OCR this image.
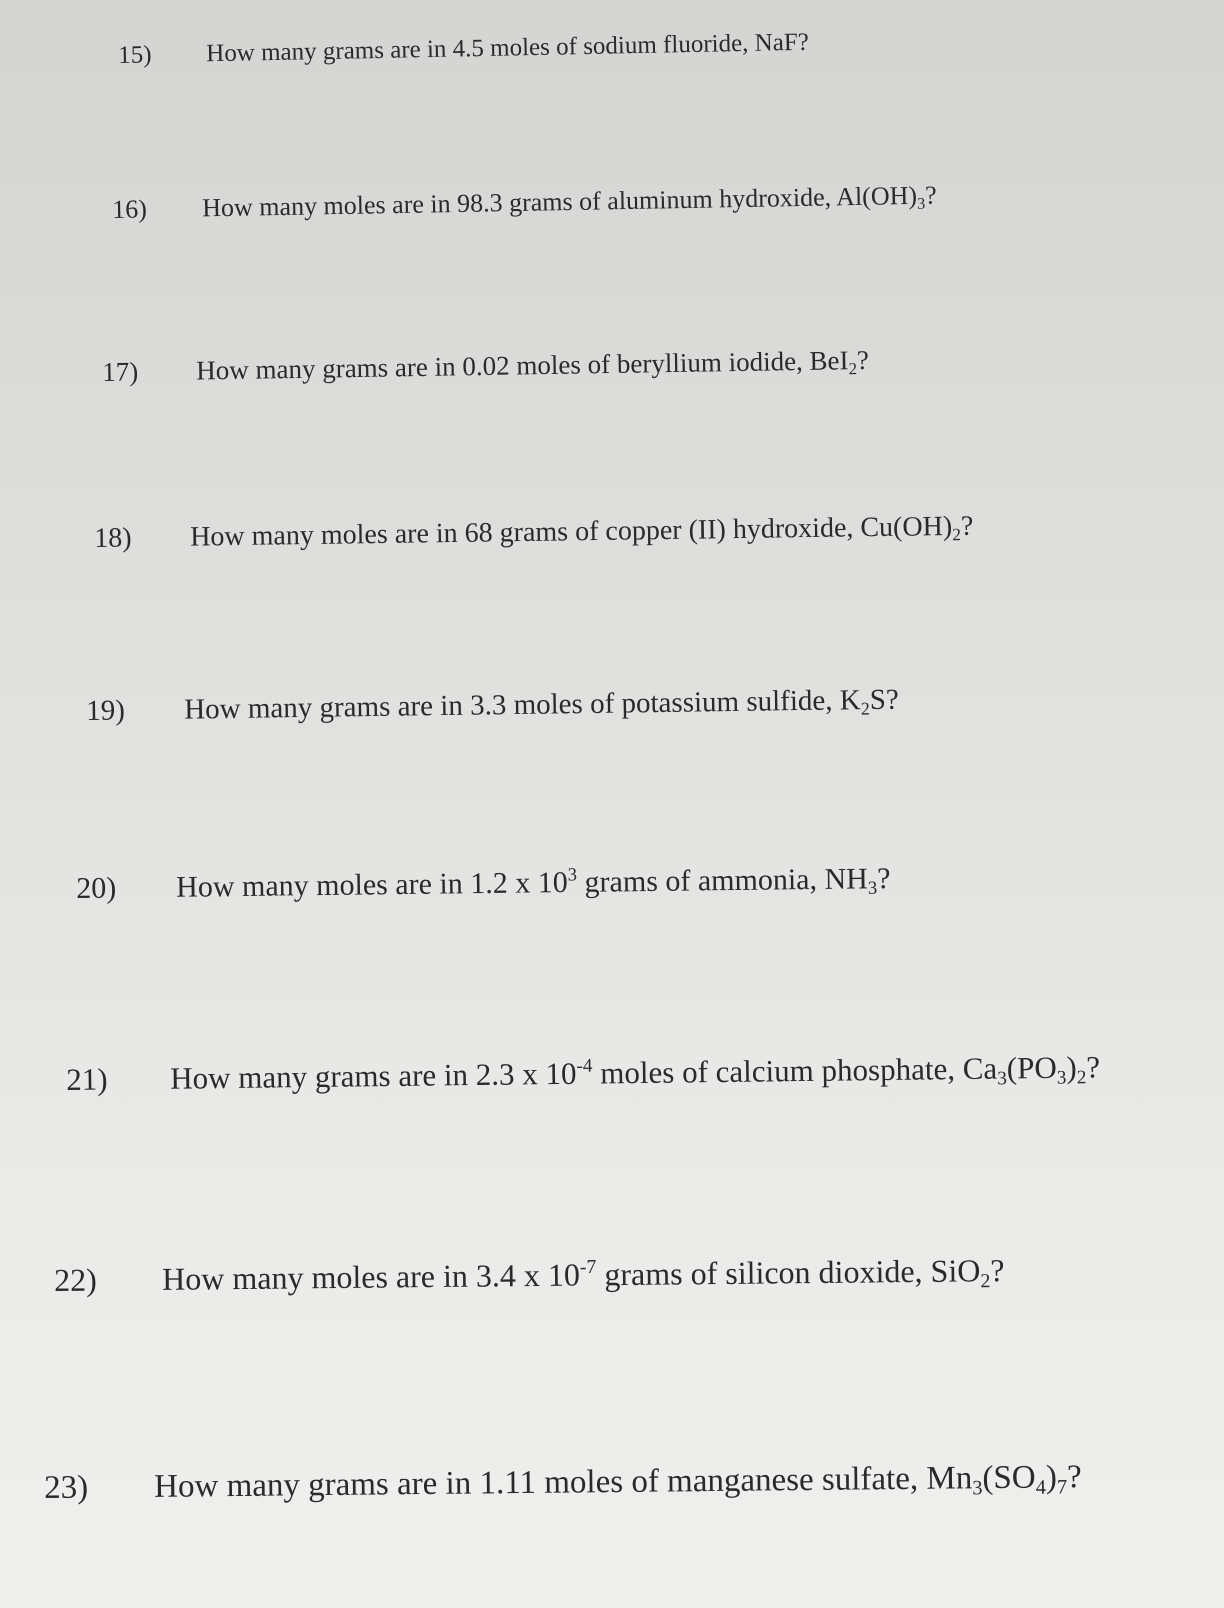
15) How many grams are in 4.5 moles of sodium fluoride, NaF?
16) How many moles are in 98.3 grams of aluminum hydroxide, $Al(OH)_3$?
17) How many grams are in 0.02 moles of beryllium iodide, BeI$_2$?
18) How many moles are in 68 grams of copper (II) hydroxide, $Cu(OH)_2$?
19) How many grams are in 3.3 moles of potassium sulfide, $K_2S$?
20) How many moles are in 1.2 x $10^3$ grams of ammonia, $NH_3$?
21) How many grams are in 2.3 x $10^{-4}$ moles of calcium phosphate, $Ca_3(PO_3)_2$?
22) How many moles are in 3.4 x $10^{-7}$ grams of silicon dioxide, SiO$_2$?
23) How many grams are in 1.11 moles of manganese sulfate, $Mn_3(SO_4)_7$?
